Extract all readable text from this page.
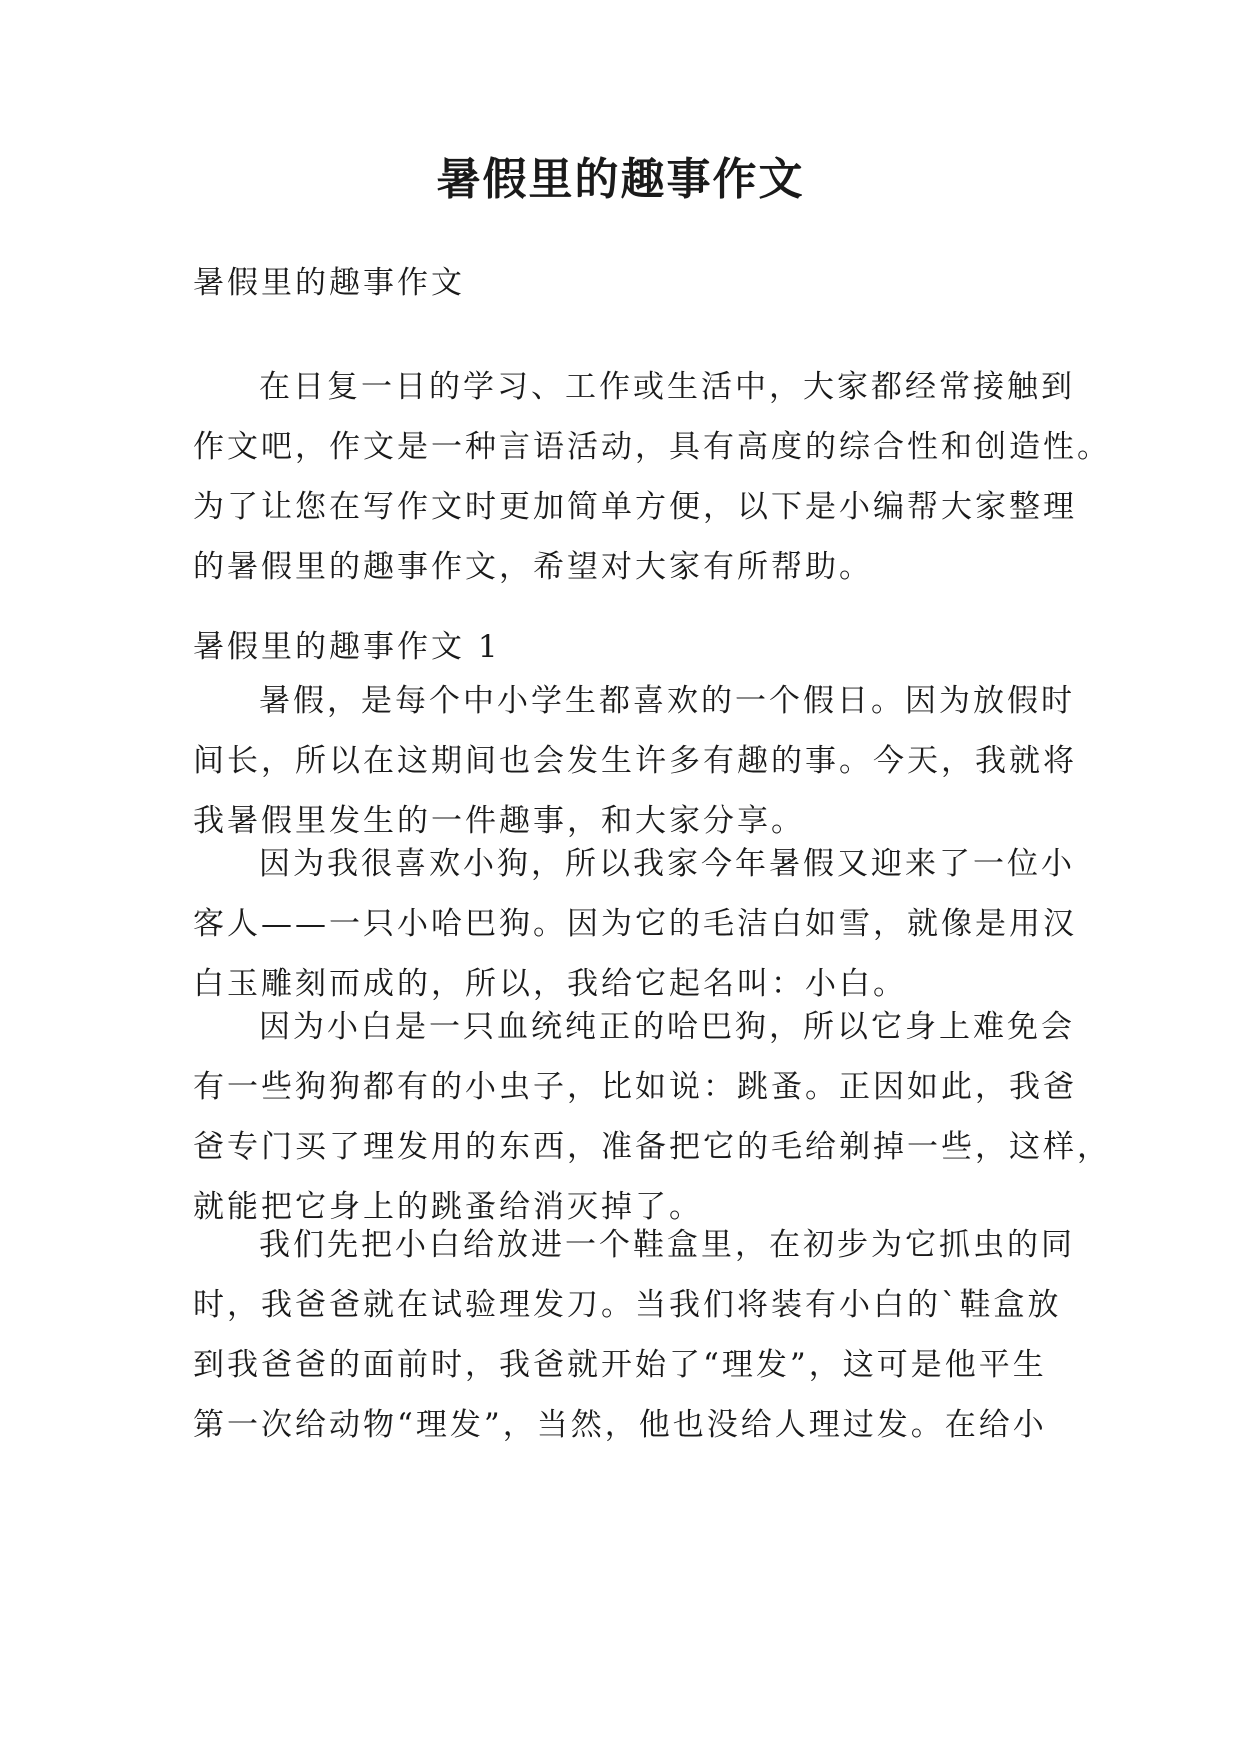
暑假里的趣事作文
暑假里的趣事作文
在日复一日的学习、工作或生活中，大家都经常接触到
作文吧，作文是一种言语活动，具有高度的综合性和创造性。
为了让您在写作文时更加简单方便，以下是小编帮大家整理
的暑假里的趣事作文，希望对大家有所帮助。
暑假里的趣事作文 1
暑假，是每个中小学生都喜欢的一个假日。因为放假时
间长，所以在这期间也会发生许多有趣的事。今天，我就将
我暑假里发生的一件趣事，和大家分享。
因为我很喜欢小狗，所以我家今年暑假又迎来了一位小
客人——一只小哈巴狗。因为它的毛洁白如雪，就像是用汉
白玉雕刻而成的，所以，我给它起名叫：小白。
因为小白是一只血统纯正的哈巴狗，所以它身上难免会
有一些狗狗都有的小虫子，比如说：跳蚤。正因如此，我爸
爸专门买了理发用的东西，准备把它的毛给剃掉一些，这样，
就能把它身上的跳蚤给消灭掉了。
我们先把小白给放进一个鞋盒里，在初步为它抓虫的同
时，我爸爸就在试验理发刀。当我们将装有小白的`鞋盒放
到我爸爸的面前时，我爸就开始了“理发”，这可是他平生
第一次给动物“理发”，当然，他也没给人理过发。在给小
